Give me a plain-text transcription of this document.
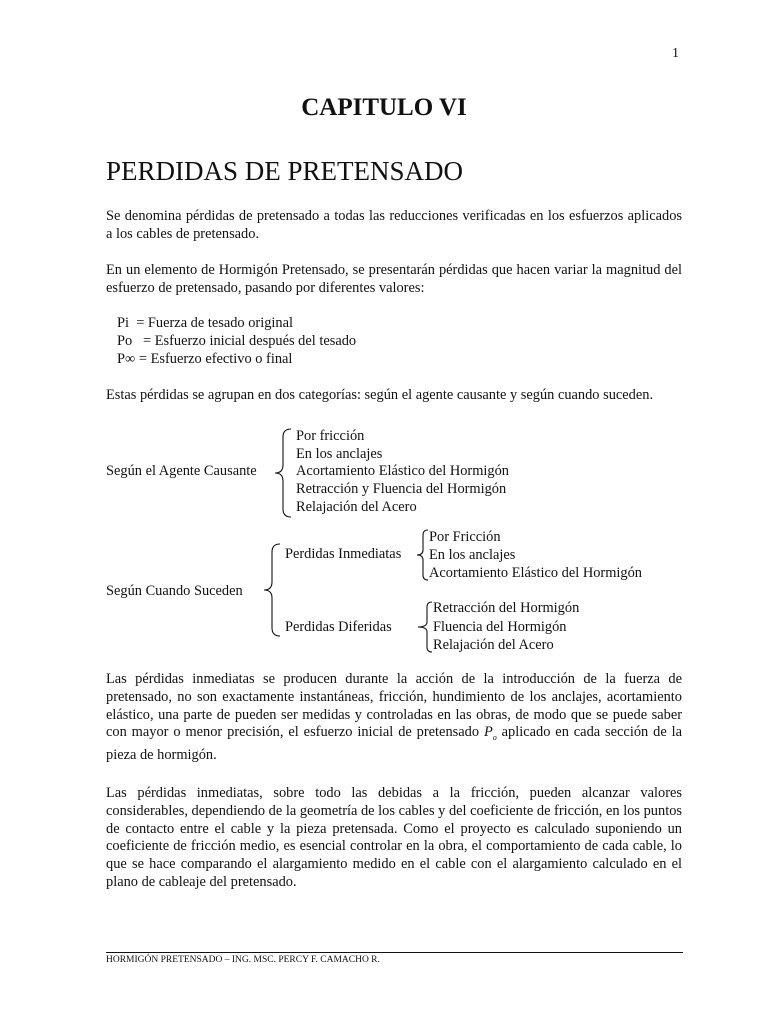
1
CAPITULO VI
PERDIDAS DE PRETENSADO
Se denomina pérdidas de pretensado a todas las reducciones verificadas en los esfuerzos aplicados a los cables de pretensado.
En un elemento de Hormigón Pretensado, se presentarán pérdidas que hacen variar la magnitud del esfuerzo de pretensado, pasando por diferentes valores:
Pi = Fuerza de tesado original
Po = Esfuerzo inicial después del tesado
P∞ = Esfuerzo efectivo o final
Estas pérdidas se agrupan en dos categorías: según el agente causante y según cuando suceden.
Según el Agente Causante
Por fricción
En los anclajes
Acortamiento Elástico del Hormigón
Retracción y Fluencia del Hormigón
Relajación del Acero
Según Cuando Suceden
Perdidas Inmediatas
Por Fricción
En los anclajes
Acortamiento Elástico del Hormigón
Perdidas Diferidas
Retracción del Hormigón
Fluencia del Hormigón
Relajación del Acero
Las pérdidas inmediatas se producen durante la acción de la introducción de la fuerza de pretensado, no son exactamente instantáneas, fricción, hundimiento de los anclajes, acortamiento elástico, una parte de pueden ser medidas y controladas en las obras, de modo que se puede saber con mayor o menor precisión, el esfuerzo inicial de pretensado $P_o$ aplicado en cada sección de la pieza de hormigón.
Las pérdidas inmediatas, sobre todo las debidas a la fricción, pueden alcanzar valores considerables, dependiendo de la geometría de los cables y del coeficiente de fricción, en los puntos de contacto entre el cable y la pieza pretensada. Como el proyecto es calculado suponiendo un coeficiente de fricción medio, es esencial controlar en la obra, el comportamiento de cada cable, lo que se hace comparando el alargamiento medido en el cable con el alargamiento calculado en el plano de cableaje del pretensado.
HORMIGÓN PRETENSADO – ING. MSC. PERCY F. CAMACHO R.
